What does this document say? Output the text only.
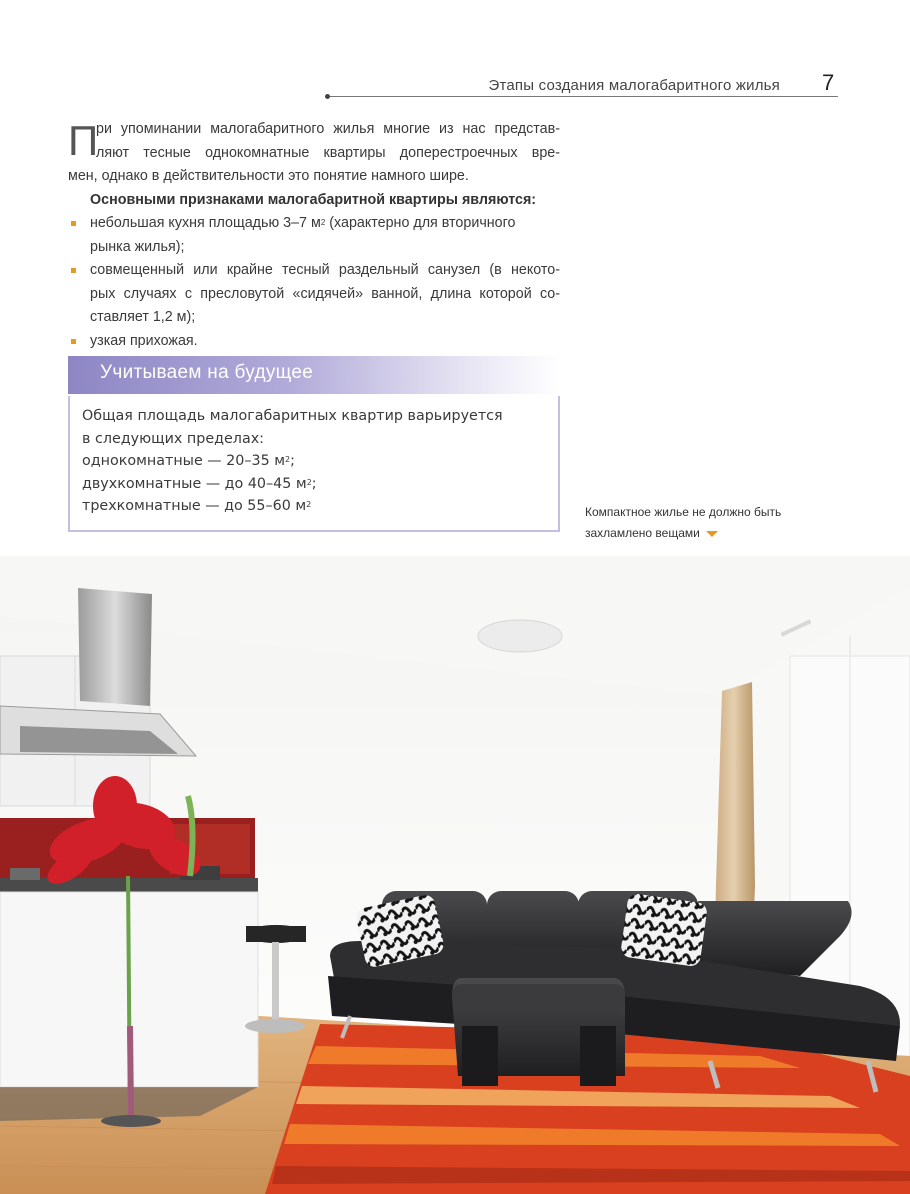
Этапы создания малогабаритного жилья 7
П
ри упоминании малогабаритного жилья многие из нас представ-
ляют тесные однокомнатные квартиры доперестроечных вре-
мен, однако в действительности это понятие намного шире.
Основными признаками малогабаритной квартиры являются:
небольшая кухня площадью 3–7 $м^2$ (характерно для вторичного
рынка жилья);
совмещенный или крайне тесный раздельный санузел (в некото-
рых случаях с пресловутой «сидячей» ванной, длина которой со-
ставляет 1,2 м);
узкая прихожая.
Учитываем на будущее
Общая площадь малогабаритных квартир варьируется
в следующих пределах:
однокомнатные — 20–35 $м^2$;
двухкомнатные — до 40–45 $м^2$;
трехкомнатные — до 55–60 $м^2$
Компактное жилье не должно быть
захламлено вещами
